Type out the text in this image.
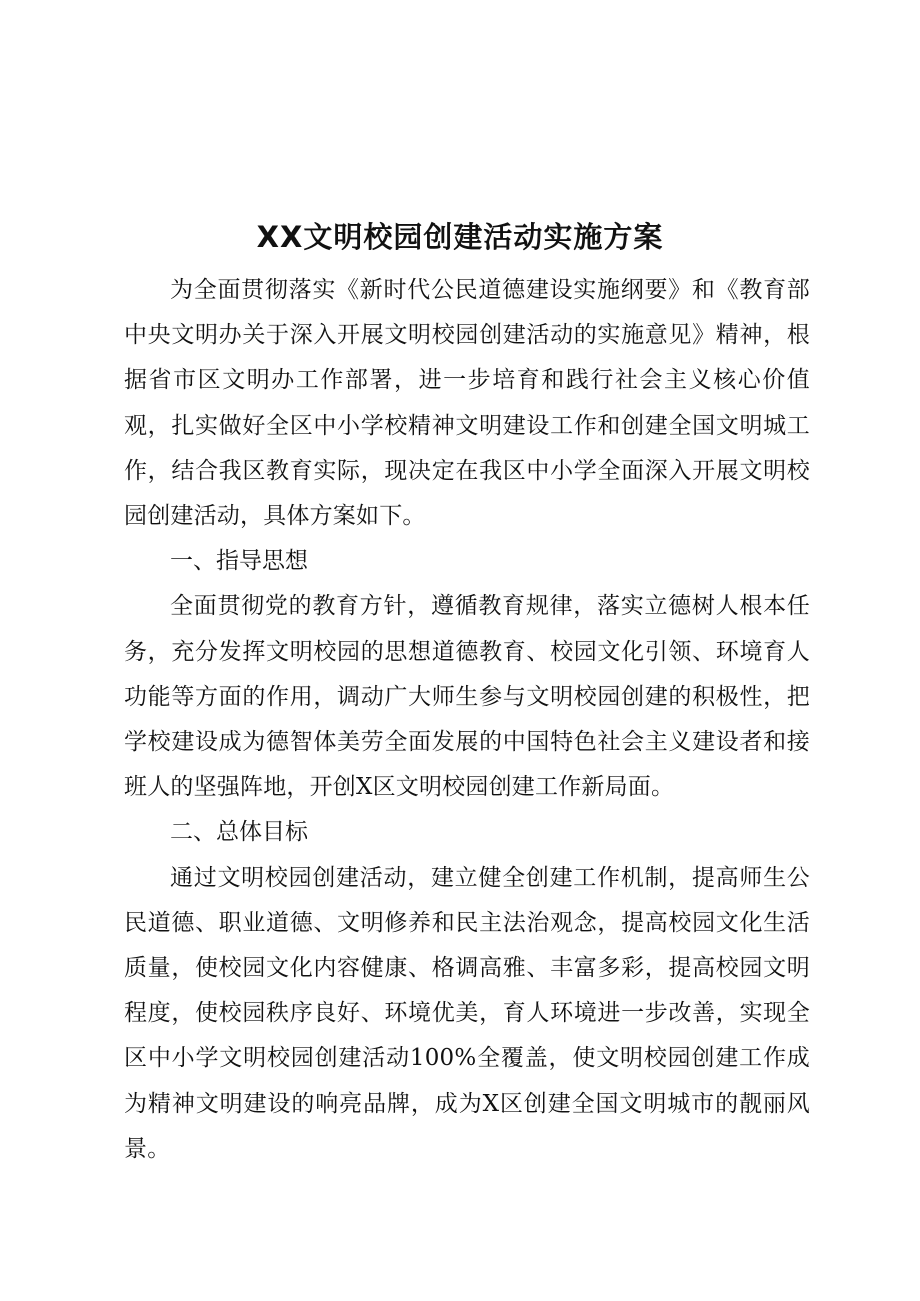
XX文明校园创建活动实施方案

为全面贯彻落实《新时代公民道德建设实施纲要》和《教育部中央文明办关于深入开展文明校园创建活动的实施意见》精神，根据省市区文明办工作部署，进一步培育和践行社会主义核心价值观，扎实做好全区中小学校精神文明建设工作和创建全国文明城工作，结合我区教育实际，现决定在我区中小学全面深入开展文明校园创建活动，具体方案如下。

一、指导思想

全面贯彻党的教育方针，遵循教育规律，落实立德树人根本任务，充分发挥文明校园的思想道德教育、校园文化引领、环境育人功能等方面的作用，调动广大师生参与文明校园创建的积极性，把学校建设成为德智体美劳全面发展的中国特色社会主义建设者和接班人的坚强阵地，开创X区文明校园创建工作新局面。

二、总体目标

通过文明校园创建活动，建立健全创建工作机制，提高师生公民道德、职业道德、文明修养和民主法治观念，提高校园文化生活质量，使校园文化内容健康、格调高雅、丰富多彩，提高校园文明程度，使校园秩序良好、环境优美，育人环境进一步改善，实现全区中小学文明校园创建活动100%全覆盖，使文明校园创建工作成为精神文明建设的响亮品牌，成为X区创建全国文明城市的靓丽风景。
